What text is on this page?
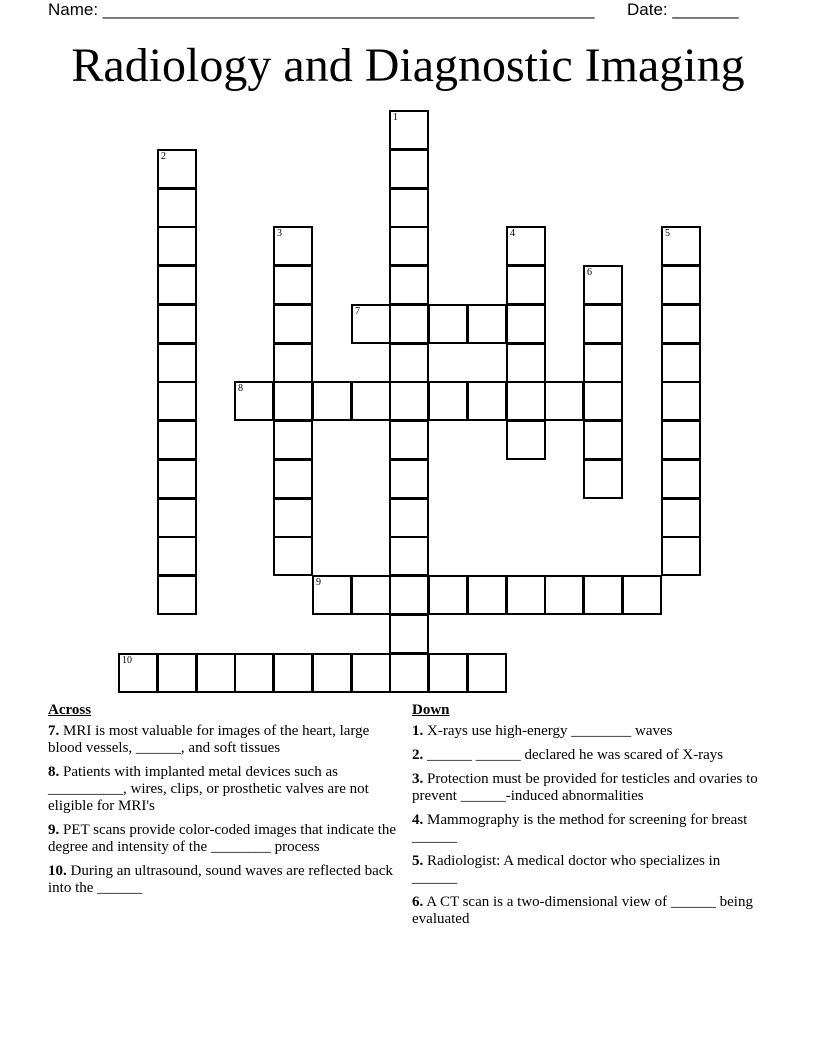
Name: ____________________________________________________ Date: _______
Radiology and Diagnostic Imaging
1
2
3	4	5
6
7
8
9
10
Across
7. MRI is most valuable for images of the heart, large blood vessels, ______, and soft tissues
8. Patients with implanted metal devices such as __________, wires, clips, or prosthetic valves are not eligible for MRI's
9. PET scans provide color-coded images that indicate the degree and intensity of the ________ process
10. During an ultrasound, sound waves are reflected back into the ______
Down
1. X-rays use high-energy ________ waves
2. ______ ______ declared he was scared of X-rays
3. Protection must be provided for testicles and ovaries to prevent ______-induced abnormalities
4. Mammography is the method for screening for breast ______
5. Radiologist: A medical doctor who specializes in ______
6. A CT scan is a two-dimensional view of ______ being evaluated
